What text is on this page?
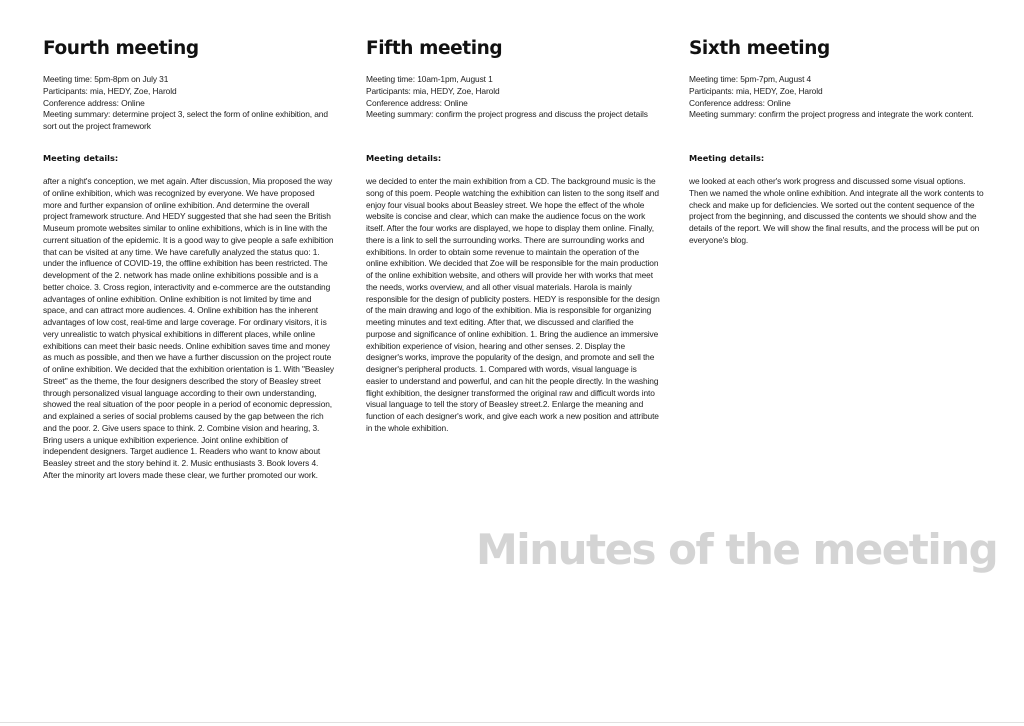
Fourth meeting
Meeting time: 5pm-8pm on July 31
Participants: mia, HEDY, Zoe, Harold
Conference address: Online
Meeting summary: determine project 3, select the form of online exhibition, and sort out the project framework
Meeting details:
after a night's conception, we met again. After discussion, Mia proposed the way of online exhibition, which was recognized by everyone. We have proposed more and further expansion of online exhibition. And determine the overall project framework structure. And HEDY suggested that she had seen the British Museum promote websites similar to online exhibitions, which is in line with the current situation of the epidemic. It is a good way to give people a safe exhibition that can be visited at any time. We have carefully analyzed the status quo: 1. under the influence of COVID-19, the offline exhibition has been restricted. The development of the 2. network has made online exhibitions possible and is a better choice. 3. Cross region, interactivity and e-commerce are the outstanding advantages of online exhibition. Online exhibition is not limited by time and space, and can attract more audiences. 4. Online exhibition has the inherent advantages of low cost, real-time and large coverage. For ordinary visitors, it is very unrealistic to watch physical exhibitions in different places, while online exhibitions can meet their basic needs. Online exhibition saves time and money as much as possible, and then we have a further discussion on the project route of online exhibition. We decided that the exhibition orientation is 1. With "Beasley Street" as the theme, the four designers described the story of Beasley street through personalized visual language according to their own understanding, showed the real situation of the poor people in a period of economic depression, and explained a series of social problems caused by the gap between the rich and the poor. 2. Give users space to think. 2. Combine vision and hearing, 3. Bring users a unique exhibition experience. Joint online exhibition of independent designers. Target audience 1. Readers who want to know about Beasley street and the story behind it. 2. Music enthusiasts 3. Book lovers 4. After the minority art lovers made these clear, we further promoted our work.
Fifth meeting
Meeting time: 10am-1pm, August 1
Participants: mia, HEDY, Zoe, Harold
Conference address: Online
Meeting summary: confirm the project progress and discuss the project details
Meeting details:
we decided to enter the main exhibition from a CD. The background music is the song of this poem. People watching the exhibition can listen to the song itself and enjoy four visual books about Beasley street. We hope the effect of the whole website is concise and clear, which can make the audience focus on the work itself. After the four works are displayed, we hope to display them online. Finally, there is a link to sell the surrounding works. There are surrounding works and exhibitions. In order to obtain some revenue to maintain the operation of the online exhibition. We decided that Zoe will be responsible for the main production of the online exhibition website, and others will provide her with works that meet the needs, works overview, and all other visual materials. Harola is mainly responsible for the design of publicity posters. HEDY is responsible for the design of the main drawing and logo of the exhibition. Mia is responsible for organizing meeting minutes and text editing. After that, we discussed and clarified the purpose and significance of online exhibition. 1. Bring the audience an immersive exhibition experience of vision, hearing and other senses. 2. Display the designer's works, improve the popularity of the design, and promote and sell the designer's peripheral products. 1. Compared with words, visual language is easier to understand and powerful, and can hit the people directly. In the washing flight exhibition, the designer transformed the original raw and difficult words into visual language to tell the story of Beasley street.2. Enlarge the meaning and function of each designer's work, and give each work a new position and attribute in the whole exhibition.
Sixth meeting
Meeting time: 5pm-7pm, August 4
Participants: mia, HEDY, Zoe, Harold
Conference address: Online
Meeting summary: confirm the project progress and integrate the work content.
Meeting details:
we looked at each other's work progress and discussed some visual options. Then we named the whole online exhibition. And integrate all the work contents to check and make up for deficiencies. We sorted out the content sequence of the project from the beginning, and discussed the contents we should show and the details of the report. We will show the final results, and the process will be put on everyone's blog.
Minutes of the meeting
